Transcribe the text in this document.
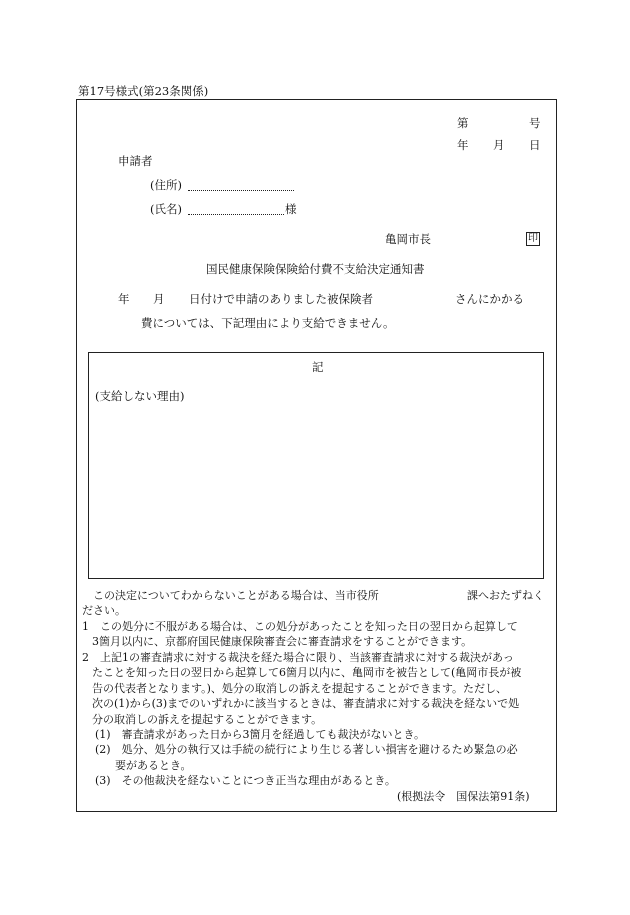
第17号様式(第23条関係)
第	号
年 月 日
申請者
(住所)
(氏名)	様
亀岡市長	印
国民健康保険保険給付費不支給決定通知書
年 月 日付けで申請のありました被保険者	さんにかかる
費については、下記理由により支給できません。
記
(支給しない理由)
この決定についてわからないことがある場合は、当市役所	課へおたずねく
ださい。
1　この処分に不服がある場合は、この処分があったことを知った日の翌日から起算して
3箇月以内に、京都府国民健康保険審査会に審査請求をすることができます。
2　上記1の審査請求に対する裁決を経た場合に限り、当該審査請求に対する裁決があっ
たことを知った日の翌日から起算して6箇月以内に、亀岡市を被告として(亀岡市長が被
告の代表者となります。)、処分の取消しの訴えを提起することができます。ただし、
次の(1)から(3)までのいずれかに該当するときは、審査請求に対する裁決を経ないで処
分の取消しの訴えを提起することができます。
(1)　審査請求があった日から3箇月を経過しても裁決がないとき。
(2)　処分、処分の執行又は手続の続行により生じる著しい損害を避けるため緊急の必
要があるとき。
(3)　その他裁決を経ないことにつき正当な理由があるとき。
(根拠法令　国保法第91条)
